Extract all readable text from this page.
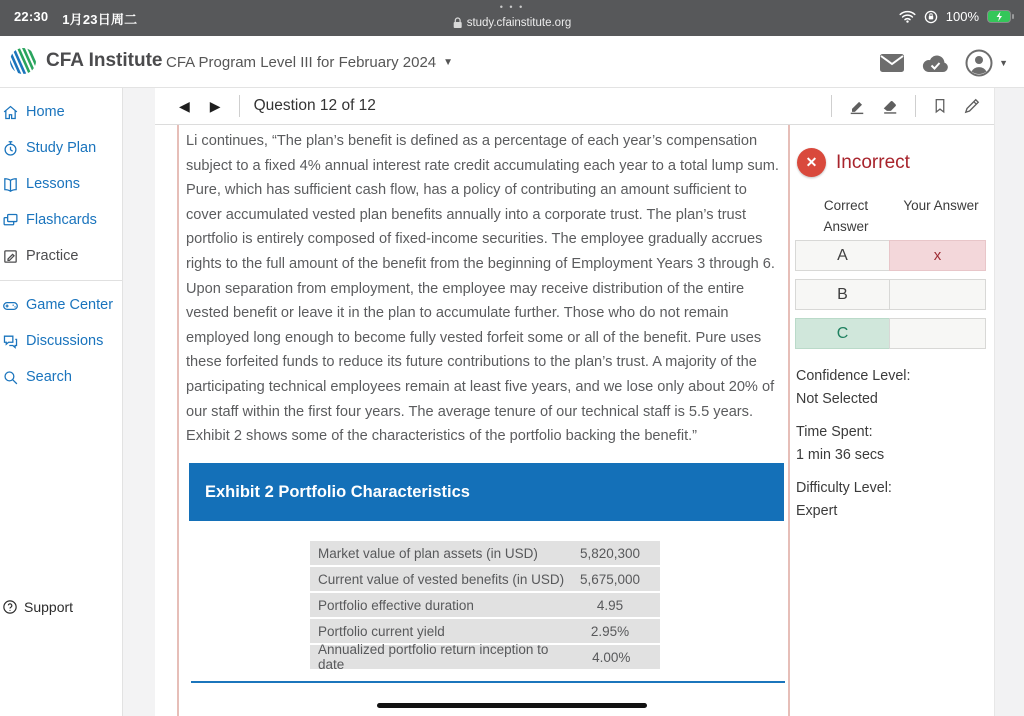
22:30 1月23日周二
• • •
study.cfainstitute.org	100%
CFA Institute CFA Program Level III for February 2024 ▼	▼
Home
Study Plan
Lessons
Flashcards
Practice
Game Center
Discussions
Search
Support
◀	▶	Question 12 of 12

Li continues, “The plan’s benefit is defined as a percentage of each year’s compensation subject to a fixed 4% annual interest rate credit accumulating each year to a total lump sum. Pure, which has sufficient cash flow, has a policy of contributing an amount sufficient to cover accumulated vested plan benefits annually into a corporate trust. The plan’s trust portfolio is entirely composed of fixed-income securities. The employee gradually accrues rights to the full amount of the benefit from the beginning of Employment Years 3 through 6. Upon separation from employment, the employee may receive distribution of the entire vested benefit or leave it in the plan to accumulate further. Those who do not remain employed long enough to become fully vested forfeit some or all of the benefit. Pure uses these forfeited funds to reduce its future contributions to the plan’s trust. A majority of the participating technical employees remain at least five years, and we lose only about 20% of our staff within the first four years. The average tenure of our technical staff is 5.5 years. Exhibit 2 shows some of the characteristics of the portfolio backing the benefit.”

Exhibit 2 Portfolio Characteristics
Market value of plan assets (in USD)	5,820,300
Current value of vested benefits (in USD)	5,675,000
Portfolio effective duration	4.95
Portfolio current yield	2.95%
Annualized portfolio return inception to date	4.00%
✕ Incorrect
Correct Answer
Your Answer
A	x
B
C
Confidence Level:
Not Selected
Time Spent:
1 min 36 secs
Difficulty Level:
Expert
